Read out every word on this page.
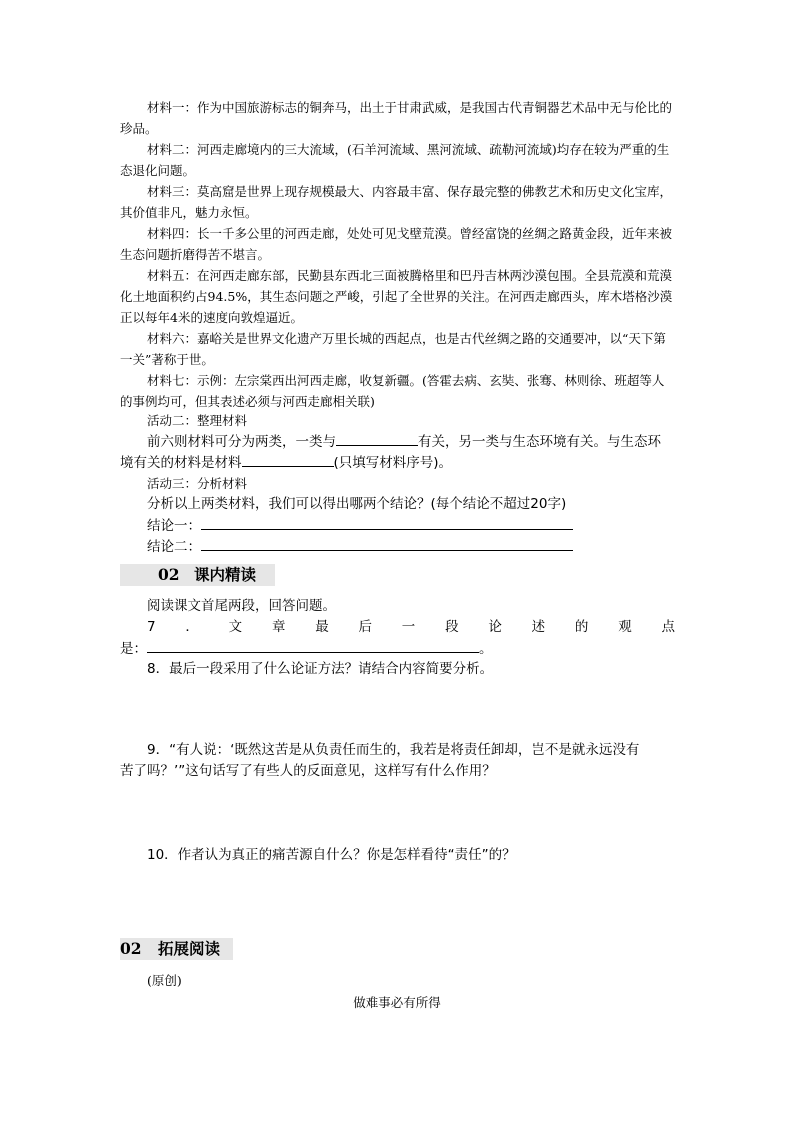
材料一：作为中国旅游标志的铜奔马，出土于甘肃武威，是我国古代青铜器艺术品中无与伦比的珍品。

材料二：河西走廊境内的三大流域，(石羊河流域、黑河流域、疏勒河流域)均存在较为严重的生态退化问题。

材料三：莫高窟是世界上现存规模最大、内容最丰富、保存最完整的佛教艺术和历史文化宝库，其价值非凡，魅力永恒。

材料四：长一千多公里的河西走廊，处处可见戈壁荒漠。曾经富饶的丝绸之路黄金段，近年来被生态问题折磨得苦不堪言。

材料五：在河西走廊东部，民勤县东西北三面被腾格里和巴丹吉林两沙漠包围。全县荒漠和荒漠化土地面积约占94.5%，其生态问题之严峻，引起了全世界的关注。在河西走廊西头，库木塔格沙漠正以每年4米的速度向敦煌逼近。

材料六：嘉峪关是世界文化遗产万里长城的西起点，也是古代丝绸之路的交通要冲，以“天下第一关”著称于世。

材料七：示例：左宗棠西出河西走廊，收复新疆。(答霍去病、玄奘、张骞、林则徐、班超等人的事例均可，但其表述必须与河西走廊相关联)

活动二：整理材料
前六则材料可分为两类，一类与	有关，另一类与生态环境有关。与生态环
境有关的材料是材料	(只填写材料序号)。
活动三：分析材料
分析以上两类材料，我们可以得出哪两个结论？(每个结论不超过20字)
结论一：
结论二：
02 课内精读
阅读课文首尾两段，回答问题。
7 ． 文 章 最 后 一 段 论 述 的 观 点
是：	。
8．最后一段采用了什么论证方法？请结合内容简要分析。
9．“有人说：‘既然这苦是从负责任而生的，我若是将责任卸却，岂不是就永远没有
苦了吗？’”这句话写了有些人的反面意见，这样写有什么作用？
10．作者认为真正的痛苦源自什么？你是怎样看待“责任”的？
02 拓展阅读
(原创)
做难事必有所得
